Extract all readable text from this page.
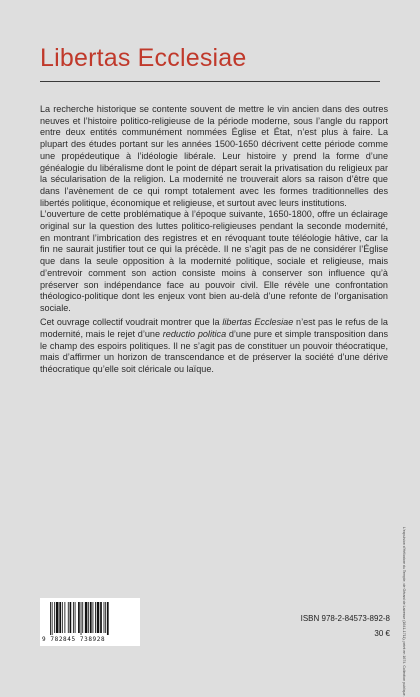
Libertas Ecclesiae

La recherche historique se contente souvent de mettre le vin ancien dans des outres neuves et l’histoire politico-religieuse de la période moderne, sous l’angle du rapport entre deux entités communément nommées Église et État, n’est plus à faire. La plupart des études portant sur les années 1500-1650 décrivent cette période comme une propédeutique à l’idéologie libérale. Leur histoire y prend la forme d’une généalogie du libéralisme dont le point de départ serait la privatisation du religieux par la sécularisation de la religion. La modernité ne trouverait alors sa raison d’être que dans l’avènement de ce qui rompt totalement avec les formes traditionnelles des libertés politique, économique et religieuse, et surtout avec leurs institutions.

L’ouverture de cette problématique à l’époque suivante, 1650-1800, offre un éclairage original sur la question des luttes politico-religieuses pendant la seconde modernité, en montrant l’imbrication des registres et en révoquant toute téléologie hâtive, car la fin ne saurait justifier tout ce qui la précède. Il ne s’agit pas de ne considérer l’Église que dans la seule opposition à la modernité politique, sociale et religieuse, mais d’entrevoir comment son action consiste moins à conserver son influence qu’à préserver son indépendance face au pouvoir civil. Elle révèle une confrontation théologico-politique dont les enjeux vont bien au-delà d’une refonte de l’organisation sociale.

Cet ouvrage collectif voudrait montrer que la libertas Ecclesiae n’est pas le refus de la modernité, mais le rejet d’une reductio politica d’une pure et simple transposition dans le champ des espoirs politiques. Il ne s’agit pas de constituer un pouvoir théocratique, mais d’affirmer un horizon de transcendance et de préserver la société d’une dérive théocratique qu’elle soit cléricale ou laïque.

L’expulsion d’Héliodore du Temple, de Gérard de Lairesse (1641-1711), peint en 1674. Collection publique.
9 782845 738928
ISBN 978-2-84573-892-8
30 €
